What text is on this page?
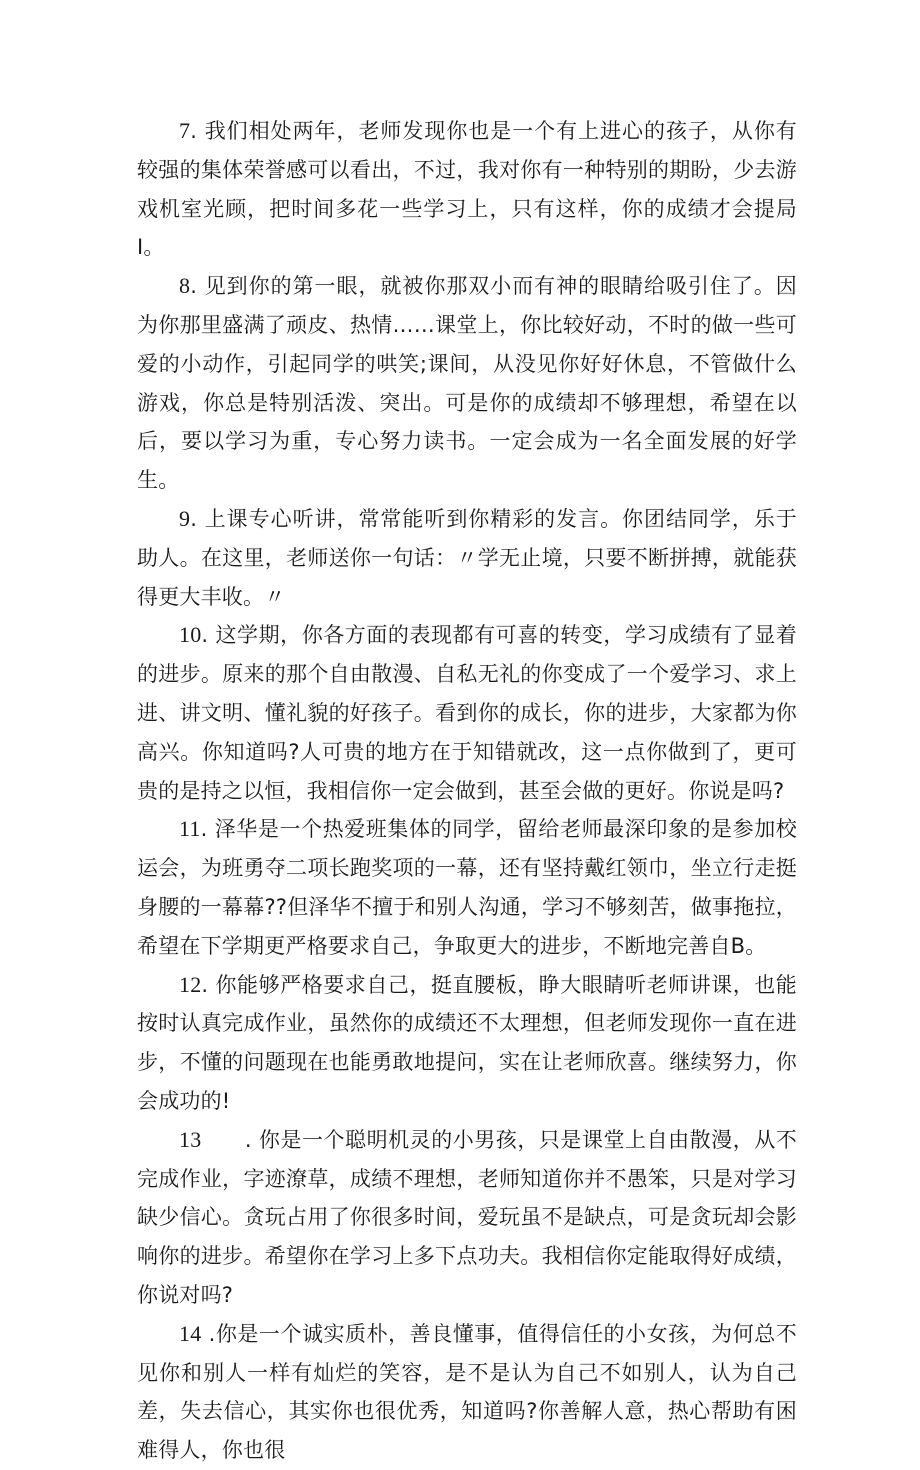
7. 我们相处两年，老师发现你也是一个有上进心的孩子，从你有较强的集体荣誉感可以看出，不过，我对你有一种特别的期盼，少去游戏机室光顾，把时间多花一些学习上，只有这样，你的成绩才会提局I。

8. 见到你的第一眼，就被你那双小而有神的眼睛给吸引住了。因为你那里盛满了顽皮、热情……课堂上，你比较好动，不时的做一些可爱的小动作，引起同学的哄笑;课间，从没见你好好休息，不管做什么游戏，你总是特别活泼、突出。可是你的成绩却不够理想，希望在以后，要以学习为重，专心努力读书。一定会成为一名全面发展的好学生。

9. 上课专心听讲，常常能听到你精彩的发言。你团结同学，乐于助人。在这里，老师送你一句话：〃学无止境，只要不断拼搏，就能获得更大丰收。〃

10. 这学期，你各方面的表现都有可喜的转变，学习成绩有了显着的进步。原来的那个自由散漫、自私无礼的你变成了一个爱学习、求上进、讲文明、懂礼貌的好孩子。看到你的成长，你的进步，大家都为你高兴。你知道吗?人可贵的地方在于知错就改，这一点你做到了，更可贵的是持之以恒，我相信你一定会做到，甚至会做的更好。你说是吗?

11. 泽华是一个热爱班集体的同学，留给老师最深印象的是参加校运会，为班勇夺二项长跑奖项的一幕，还有坚持戴红领巾，坐立行走挺身腰的一幕幕??但泽华不擅于和别人沟通，学习不够刻苦，做事拖拉，希望在下学期更严格要求自己，争取更大的进步，不断地完善自B。

12. 你能够严格要求自己，挺直腰板，睁大眼睛听老师讲课，也能按时认真完成作业，虽然你的成绩还不太理想，但老师发现你一直在进步，不懂的问题现在也能勇敢地提问，实在让老师欣喜。继续努力，你会成功的!

13　　. 你是一个聪明机灵的小男孩，只是课堂上自由散漫，从不完成作业，字迹潦草，成绩不理想，老师知道你并不愚笨，只是对学习缺少信心。贪玩占用了你很多时间，爱玩虽不是缺点，可是贪玩却会影响你的进步。希望你在学习上多下点功夫。我相信你定能取得好成绩，你说对吗?

14 .你是一个诚实质朴，善良懂事，值得信任的小女孩，为何总不见你和别人一样有灿烂的笑容，是不是认为自己不如别人，认为自己差，失去信心，其实你也很优秀，知道吗?你善解人意，热心帮助有困难得人，你也很
